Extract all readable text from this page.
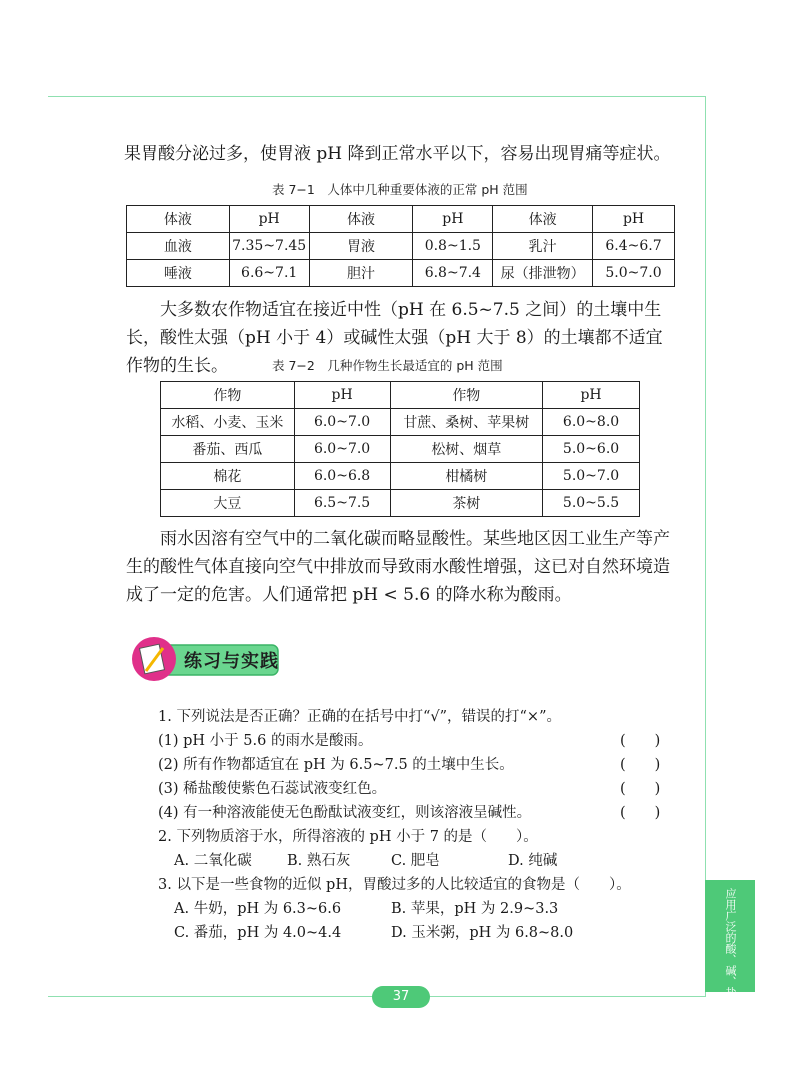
果胃酸分泌过多，使胃液 pH 降到正常水平以下，容易出现胃痛等症状。

表 7−1　人体中几种重要体液的正常 pH 范围
体液	pH	体液	pH	体液	pH
血液	7.35~7.45	胃液	0.8~1.5	乳汁	6.4~6.7
唾液	6.6~7.1	胆汁	6.8~7.4	尿（排泄物）	5.0~7.0

大多数农作物适宜在接近中性（pH 在 6.5~7.5 之间）的土壤中生长，酸性太强（pH 小于 4）或碱性太强（pH 大于 8）的土壤都不适宜作物的生长。	表 7−2　几种作物生长最适宜的 pH 范围
作物	pH	作物	pH
水稻、小麦、玉米	6.0~7.0	甘蔗、桑树、苹果树	6.0~8.0
番茄、西瓜	6.0~7.0	松树、烟草	5.0~6.0
棉花	6.0~6.8	柑橘树	5.0~7.0
大豆	6.5~7.5	茶树	5.0~5.5

雨水因溶有空气中的二氧化碳而略显酸性。某些地区因工业生产等产生的酸性气体直接向空气中排放而导致雨水酸性增强，这已对自然环境造成了一定的危害。人们通常把 pH < 5.6 的降水称为酸雨。

练习与实践
1. 下列说法是否正确？正确的在括号中打“√”，错误的打“×”。
(1) pH 小于 5.6 的雨水是酸雨。	(　　)
(2) 所有作物都适宜在 pH 为 6.5~7.5 的土壤中生长。	(　　)
(3) 稀盐酸使紫色石蕊试液变红色。	(　　)
(4) 有一种溶液能使无色酚酞试液变红，则该溶液呈碱性。	(　　)
2. 下列物质溶于水，所得溶液的 pH 小于 7 的是（　　）。
A. 二氧化碳 B. 熟石灰	C. 肥皂	D. 纯碱
3. 以下是一些食物的近似 pH，胃酸过多的人比较适宜的食物是（　　）。
A. 牛奶，pH 为 6.3~6.6	B. 苹果，pH 为 2.9~3.3
C. 番茄，pH 为 4.0~4.4	D. 玉米粥，pH 为 6.8~8.0	应用广泛的酸、碱、盐
37
